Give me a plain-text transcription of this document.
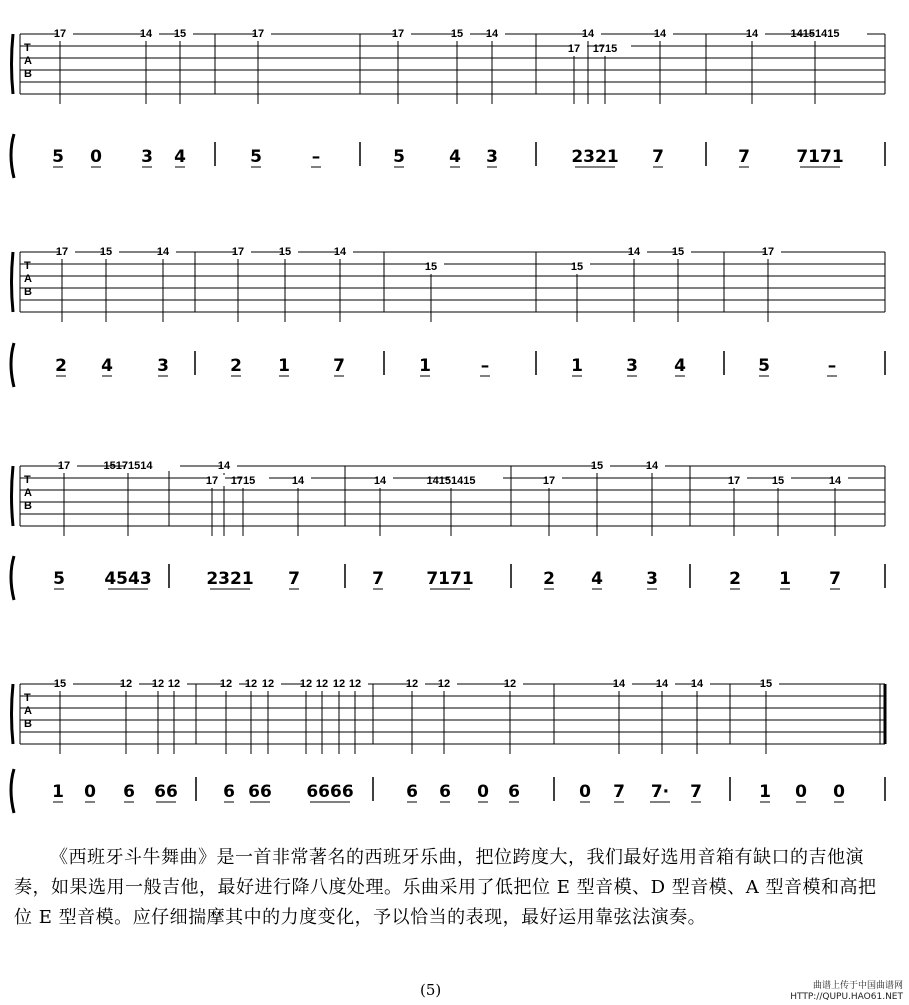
T
A
B
17	14 15	17	17	15 14
17
14
1715
14	14	14151415
5 0 3 4	5	–	5	4 3	2321 7	7	7171
T
A
B
17	15	14	17	15	14
15	15
14	15	17
2 4	3	2 1	7	1	–	1	3 4	5	–
T
A
B
17	15171514	14
17 1715	14	14	14151415	17
15	14
17	15	14
5 4543	2321 7	7 7171	2 4	3	2 1 7
T
A
B
15	12 12 12	12 12 12 12 12 12 12	12 12	12	14	14 14	15
1 0 6 66	6 66 6666	6 6 0 6	0 7 7· 7	1 0 0
《西班牙斗牛舞曲》是一首非常著名的西班牙乐曲，把位跨度大，我们最好选用音箱有缺口的吉他演奏，如果选用一般吉他，最好进行降八度处理。乐曲采用了低把位 E 型音模、D 型音模、A 型音模和高把位 E 型音模。应仔细揣摩其中的力度变化，予以恰当的表现，最好运用靠弦法演奏。
(5)	曲谱上传于中国曲谱网
HTTP://QUPU.HAO61.NET
